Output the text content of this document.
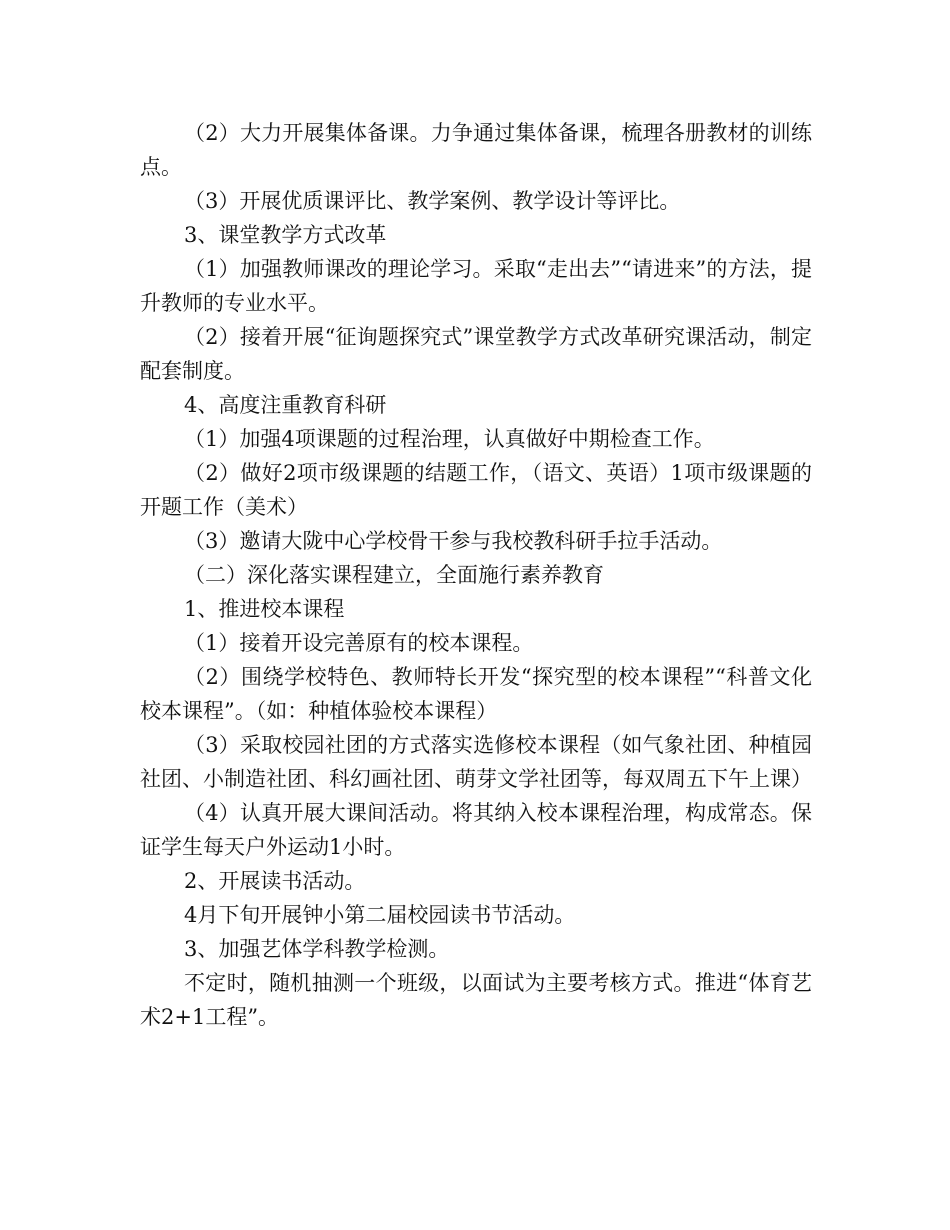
（2）大力开展集体备课。力争通过集体备课，梳理各册教材的训练点。

（3）开展优质课评比、教学案例、教学设计等评比。

3、课堂教学方式改革

（1）加强教师课改的理论学习。采取“走出去”“请进来”的方法，提升教师的专业水平。

（2）接着开展“征询题探究式”课堂教学方式改革研究课活动，制定配套制度。

4、高度注重教育科研

（1）加强4项课题的过程治理，认真做好中期检查工作。

（2）做好2项市级课题的结题工作，（语文、英语）1项市级课题的开题工作（美术）

（3）邀请大陇中心学校骨干参与我校教科研手拉手活动。

（二）深化落实课程建立，全面施行素养教育

1、推进校本课程

（1）接着开设完善原有的校本课程。

（2）围绕学校特色、教师特长开发“探究型的校本课程”“科普文化校本课程”。（如：种植体验校本课程）

（3）采取校园社团的方式落实选修校本课程（如气象社团、种植园社团、小制造社团、科幻画社团、萌芽文学社团等，每双周五下午上课）

（4）认真开展大课间活动。将其纳入校本课程治理，构成常态。保证学生每天户外运动1小时。

2、开展读书活动。

4月下旬开展钟小第二届校园读书节活动。

3、加强艺体学科教学检测。

不定时，随机抽测一个班级，以面试为主要考核方式。推进“体育艺术2+1工程”。
